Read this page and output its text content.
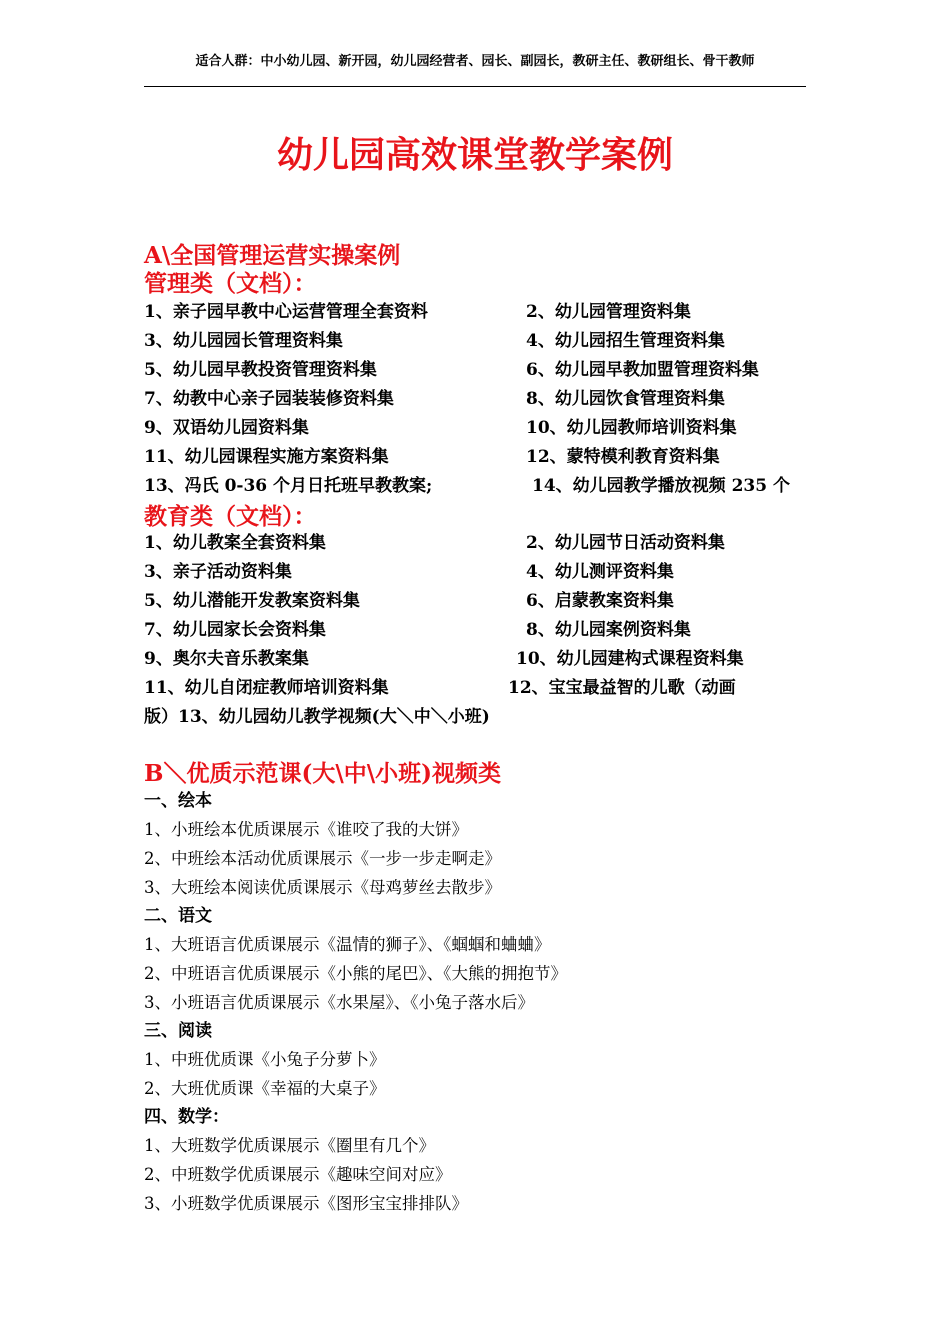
适合人群：中小幼儿园、新开园，幼儿园经营者、园长、副园长，教研主任、教研组长、骨干教师
幼儿园高效课堂教学案例
A\全国管理运营实操案例
管理类（文档）：
1、亲子园早教中心运营管理全套资料	2、幼儿园管理资料集
3、幼儿园园长管理资料集	4、幼儿园招生管理资料集
5、幼儿园早教投资管理资料集	6、幼儿园早教加盟管理资料集
7、幼教中心亲子园装装修资料集	8、幼儿园饮食管理资料集
9、双语幼儿园资料集	10、幼儿园教师培训资料集
11、幼儿园课程实施方案资料集	12、蒙特模利教育资料集
13、冯氏 0-36 个月日托班早教教案;	14、幼儿园教学播放视频 235 个
教育类（文档）：
1、幼儿教案全套资料集	2、幼儿园节日活动资料集
3、亲子活动资料集	4、幼儿测评资料集
5、幼儿潜能开发教案资料集	6、启蒙教案资料集
7、幼儿园家长会资料集	8、幼儿园案例资料集
9、奥尔夫音乐教案集	10、幼儿园建构式课程资料集
11、幼儿自闭症教师培训资料集	12、宝宝最益智的儿歌（动画
版）13、幼儿园幼儿教学视频(大＼中＼小班)
B＼优质示范课(大\中\小班)视频类
一、绘本
1、小班绘本优质课展示《谁咬了我的大饼》
2、中班绘本活动优质课展示《一步一步走啊走》
3、大班绘本阅读优质课展示《母鸡萝丝去散步》
二、语文
1、大班语言优质课展示《温情的狮子》、《蝈蝈和蛐蛐》
2、中班语言优质课展示《小熊的尾巴》、《大熊的拥抱节》
3、小班语言优质课展示《水果屋》、《小兔子落水后》
三、阅读
1、中班优质课《小兔子分萝卜》
2、大班优质课《幸福的大桌子》
四、数学：
1、大班数学优质课展示《圈里有几个》
2、中班数学优质课展示《趣味空间对应》
3、小班数学优质课展示《图形宝宝排排队》
